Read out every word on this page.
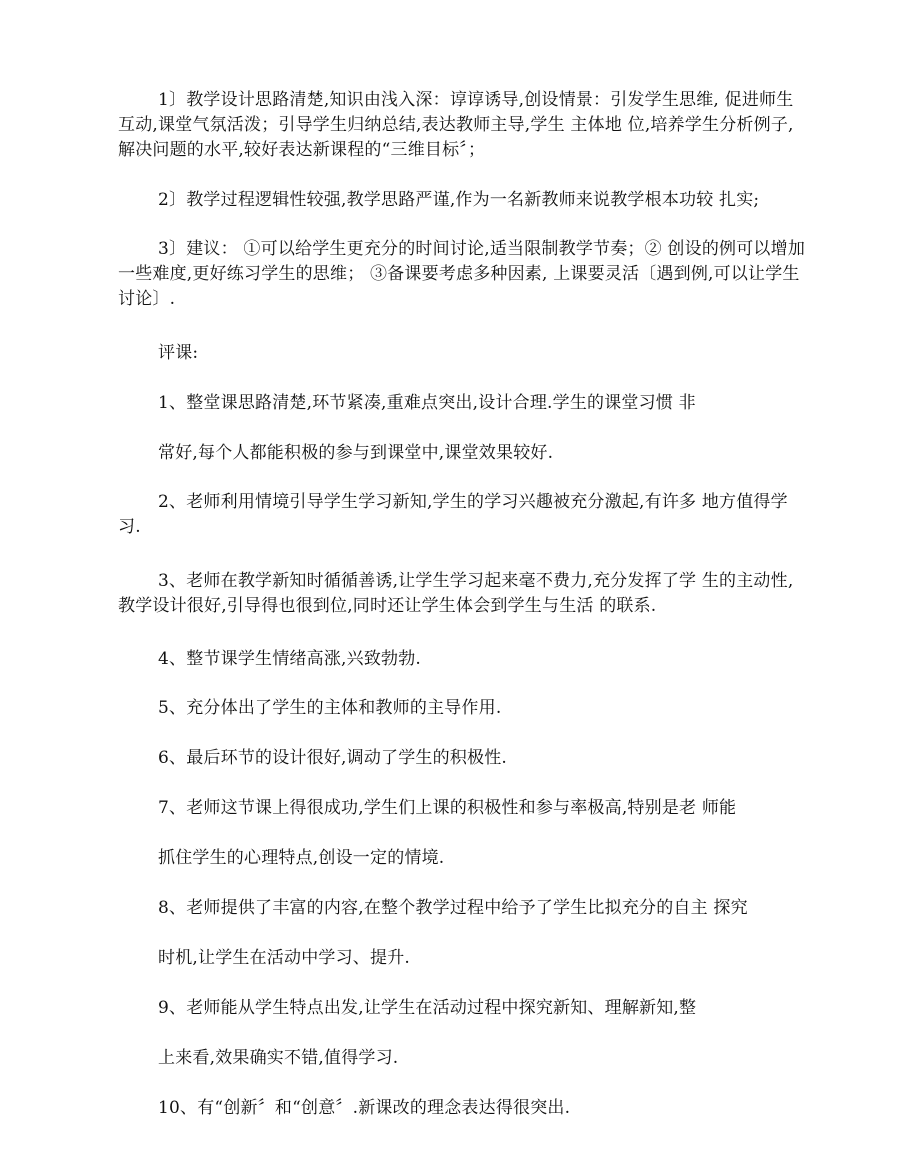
1〕教学设计思路清楚,知识由浅入深：谆谆诱导,创设情景：引发学生思维, 促进师生互动,课堂气氛活泼；引导学生归纳总结,表达教师主导,学生 主体地 位,培养学生分析例子,解决问题的水平,较好表达新课程的“三维目标〞；

2〕教学过程逻辑性较强,教学思路严谨,作为一名新教师来说教学根本功较 扎实;

3〕建议： ①可以给学生更充分的时间讨论,适当限制教学节奏；② 创设的例可以增加一些难度,更好练习学生的思维； ③备课要考虑多种因素, 上课要灵活〔遇到例,可以让学生讨论〕.

评课:

1、整堂课思路清楚,环节紧凑,重难点突出,设计合理.学生的课堂习惯 非

常好,每个人都能积极的参与到课堂中,课堂效果较好.

2、老师利用情境引导学生学习新知,学生的学习兴趣被充分激起,有许多 地方值得学习.

3、老师在教学新知时循循善诱,让学生学习起来毫不费力,充分发挥了学 生的主动性,教学设计很好,引导得也很到位,同时还让学生体会到学生与生活 的联系.

4、整节课学生情绪高涨,兴致勃勃.

5、充分体出了学生的主体和教师的主导作用.

6、最后环节的设计很好,调动了学生的积极性.

7、老师这节课上得很成功,学生们上课的积极性和参与率极高,特别是老 师能

抓住学生的心理特点,创设一定的情境.

8、老师提供了丰富的内容,在整个教学过程中给予了学生比拟充分的自主 探究

时机,让学生在活动中学习、提升.

9、老师能从学生特点出发,让学生在活动过程中探究新知、理解新知,整

上来看,效果确实不错,值得学习.

10、有“创新〞和“创意〞.新课改的理念表达得很突出.
